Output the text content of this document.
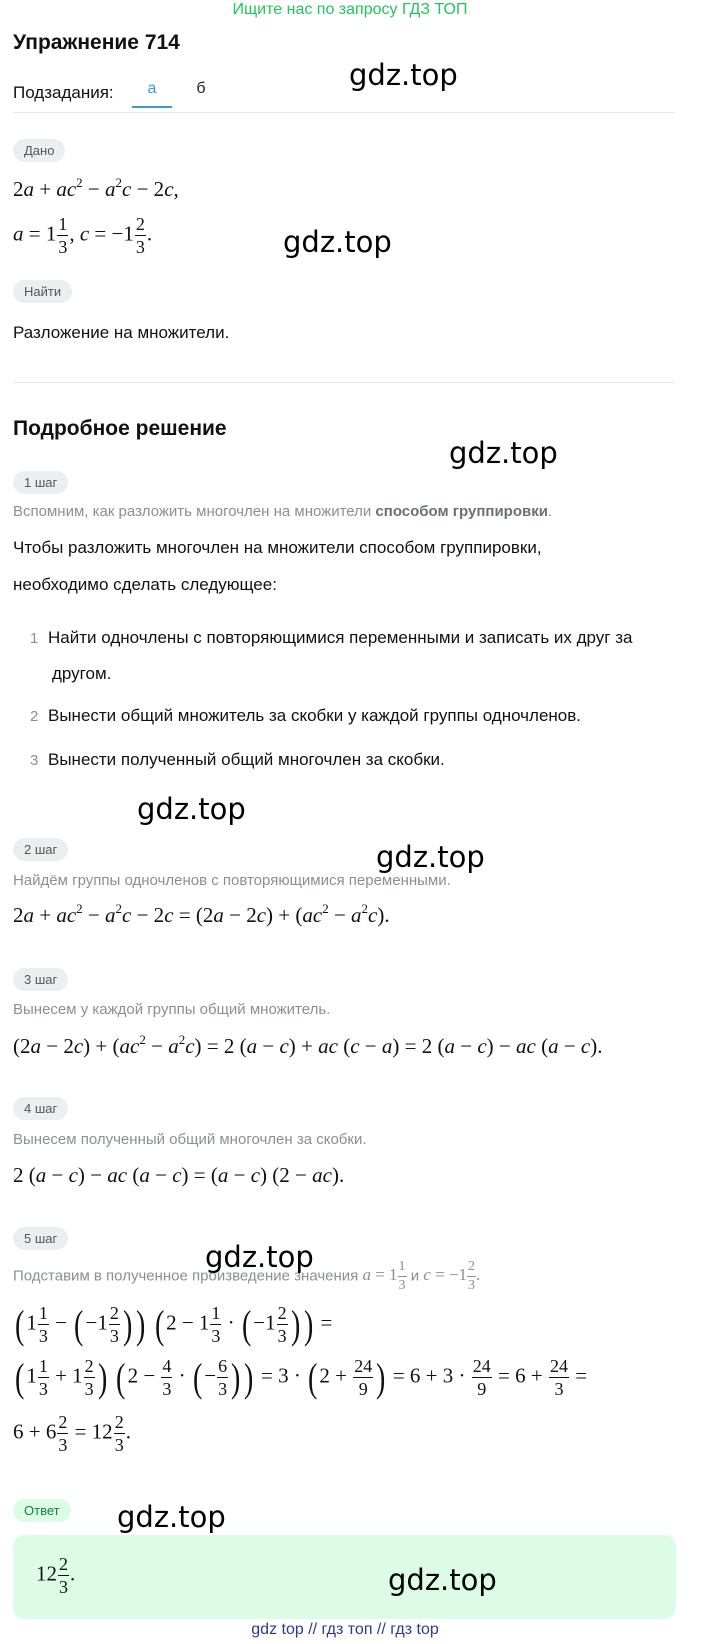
Ищите нас по запросу ГДЗ ТОП
Упражнение 714
Подзадания:	а	б
Дано
$2a + ac^2 - a^2c - 2c$,
$a = 1 \frac{1}{3}$ , $c = -1 \frac{2}{3}$ .
Найти
Разложение на множители.
Подробное решение
1 шаг
Вспомним, как разложить многочлен на множители способом группировки.
Чтобы разложить многочлен на множители способом группировки,
необходимо сделать следующее:
1 Найти одночлены с повторяющимися переменными и записать их друг за
другом.
2 Вынести общий множитель за скобки у каждой группы одночленов.
3 Вынести полученный общий многочлен за скобки.
2 шаг
Найдём группы одночленов с повторяющимися переменными.
$2a + ac^2 - a^2c - 2c = (2a - 2c) + (ac^2 - a^2c)$.
3 шаг
Вынесем у каждой группы общий множитель.
$(2a - 2c) + (ac^2 - a^2c) = 2$ (a − c) + ac (c − a) = 2 (a − c) − ac (a − c).
4 шаг
Вынесем полученный общий многочлен за скобки.
2 (a − c) − ac (a − c) = (a − c) (2 − ac).
5 шаг
Подставим в полученное произведение значения $a = 1 \frac{1}{3}$ и $c = -1 \frac{2}{3}$ .
($1 \frac{1}{3} - (-1 \frac{2}{3}$ )) ($2 - 1 \frac{1}{3} \cdot (-1 \frac{2}{3}$ )) =
($1 \frac{1}{3} + 1 \frac{2}{3}$ ) ($2 - \frac{4}{3}$ · (− $\frac{6}{3}$ )) = $3 \cdot (2 + \frac{24}{9}$ ) = $6 + 3 \cdot \frac{24}{9} = 6 + \frac{24}{3}$ =
$6 + 6 \frac{2}{3} = 12 \frac{2}{3}$ .
Ответ
$12 \frac{2}{3}$ .
gdz.top
gdz.top
gdz.top
gdz.top
gdz.top
gdz.top
gdz.top
gdz.top
gdz top // гдз топ // гдз top
